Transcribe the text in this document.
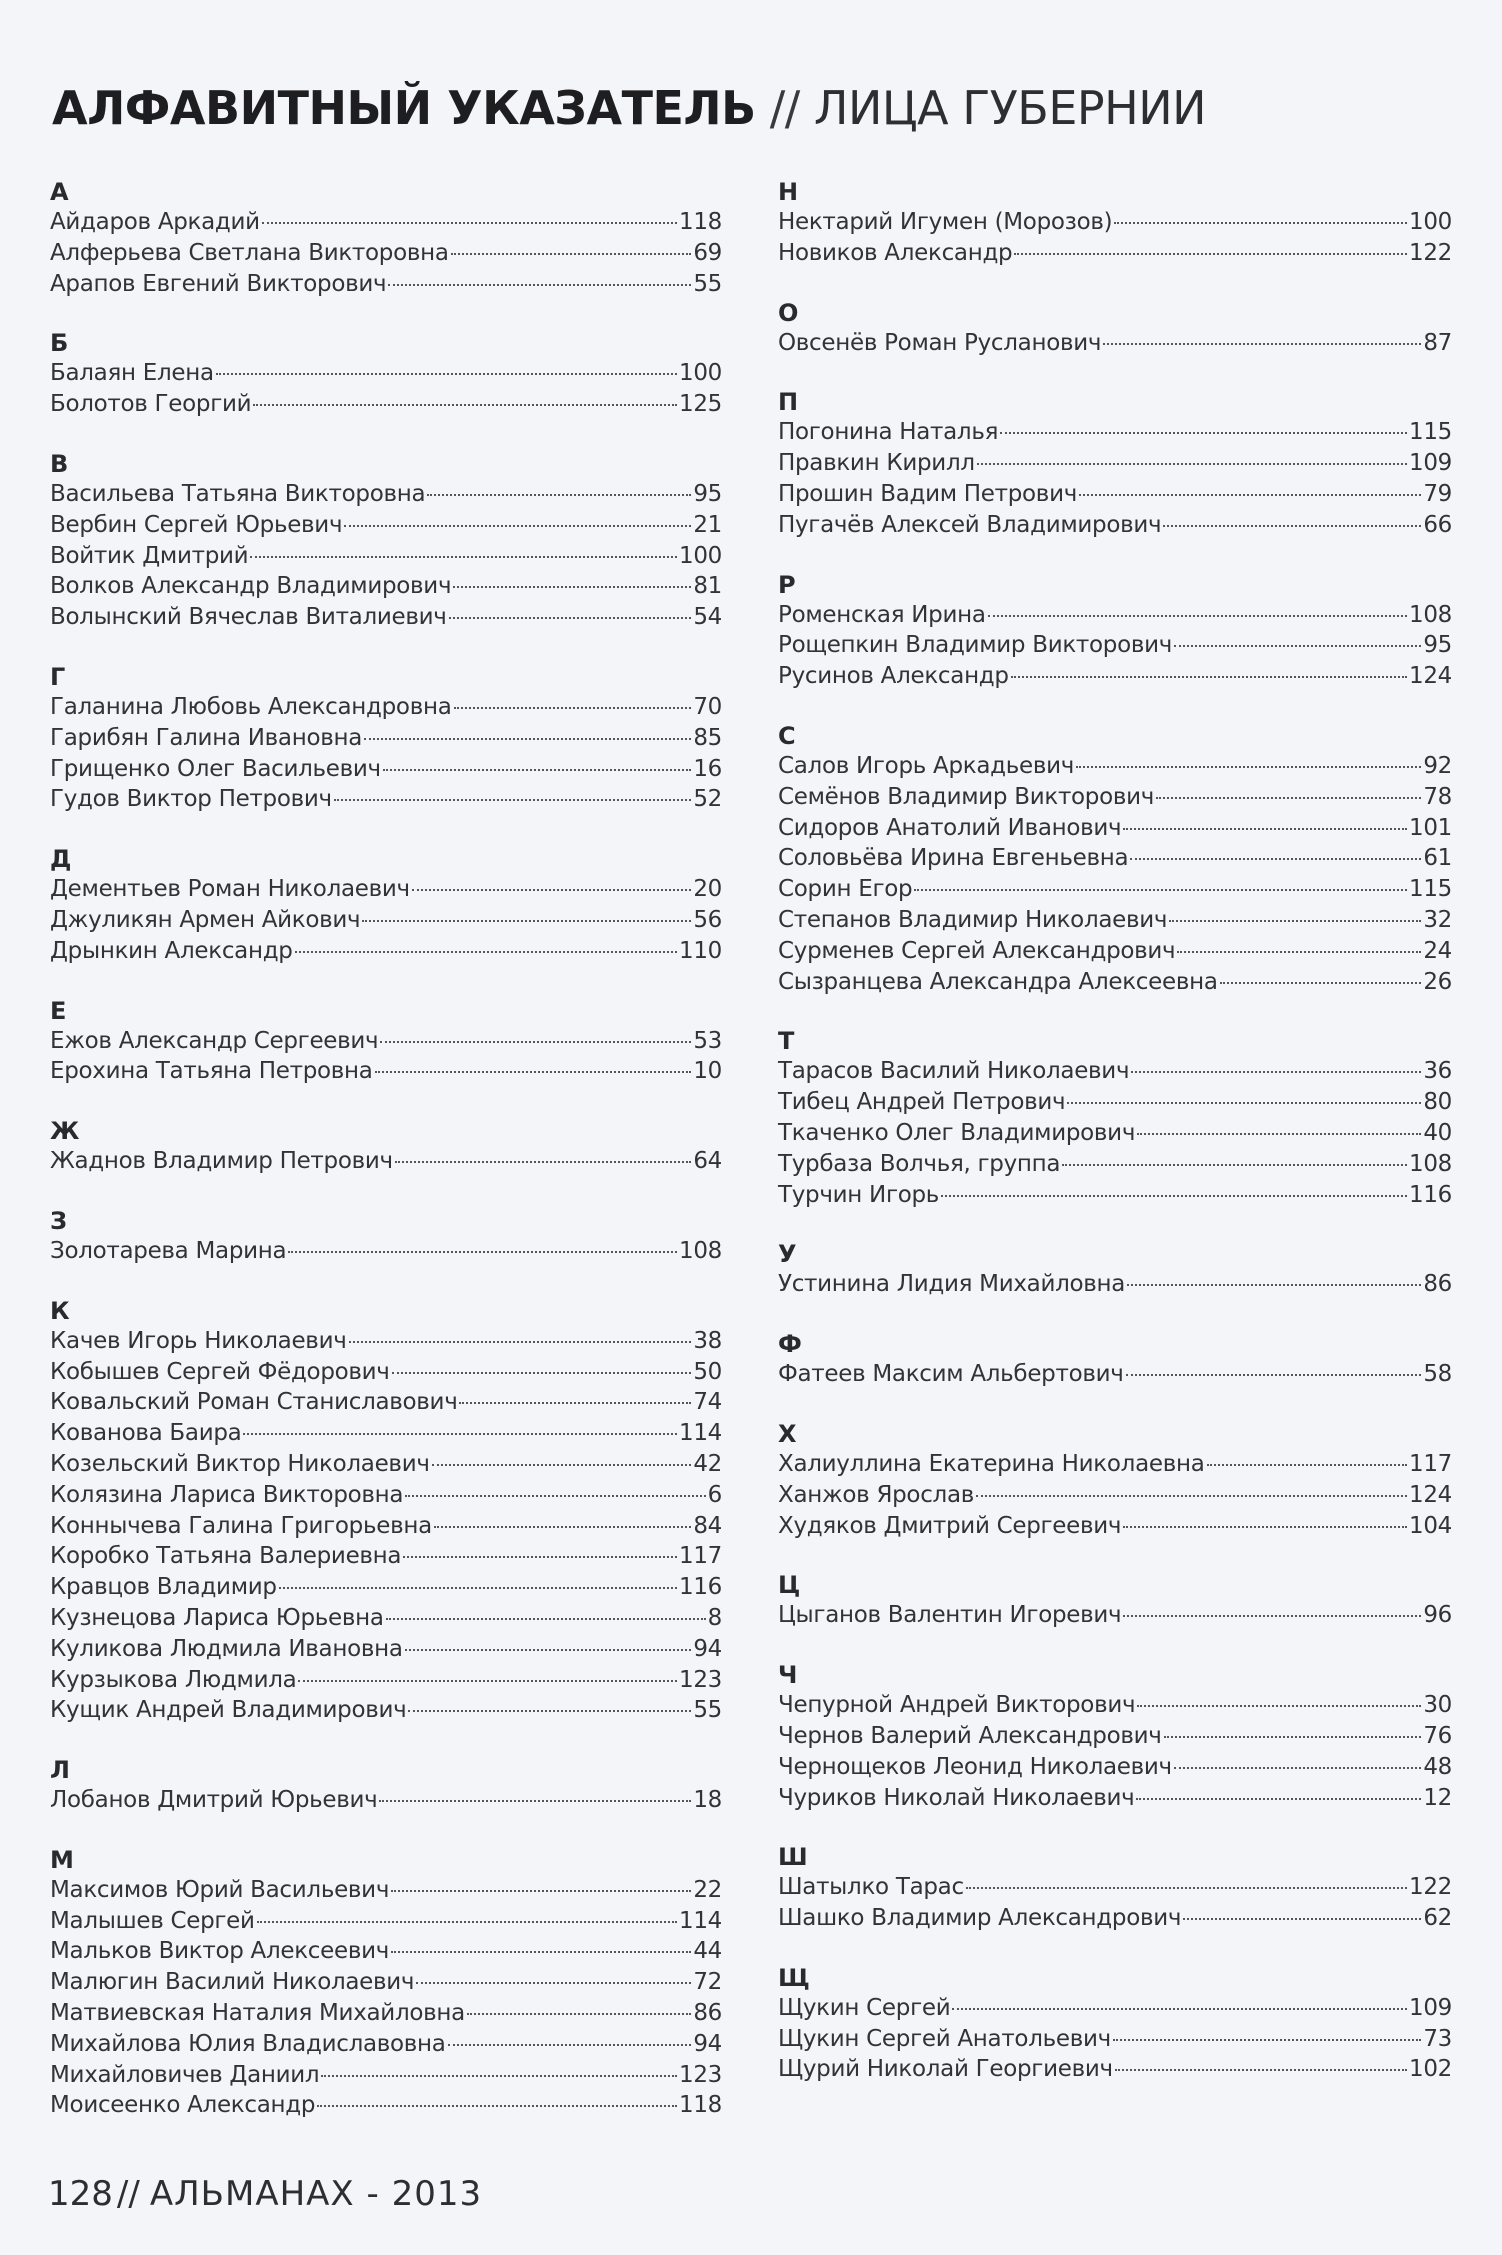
АЛФАВИТНЫЙ УКАЗАТЕЛЬ // ЛИЦА ГУБЕРНИИ
А
Айдаров Аркадий	118
Алферьева Светлана Викторовна	69
Арапов Евгений Викторович	55
Б
Балаян Елена	100
Болотов Георгий	125
В
Васильева Татьяна Викторовна	95
Вербин Сергей Юрьевич	21
Войтик Дмитрий	100
Волков Александр Владимирович	81
Волынский Вячеслав Виталиевич	54
Г
Галанина Любовь Александровна	70
Гарибян Галина Ивановна	85
Грищенко Олег Васильевич	16
Гудов Виктор Петрович	52
Д
Дементьев Роман Николаевич	20
Джуликян Армен Айкович	56
Дрынкин Александр	110
Е
Ежов Александр Сергеевич	53
Ерохина Татьяна Петровна	10
Ж
Жаднов Владимир Петрович	64
З
Золотарева Марина	108
К
Качев Игорь Николаевич	38
Кобышев Сергей Фёдорович	50
Ковальский Роман Станиславович	74
Кованова Баира	114
Козельский Виктор Николаевич	42
Колязина Лариса Викторовна	6
Коннычева Галина Григорьевна	84
Коробко Татьяна Валериевна	117
Кравцов Владимир	116
Кузнецова Лариса Юрьевна	8
Куликова Людмила Ивановна	94
Курзыкова Людмила	123
Кущик Андрей Владимирович	55
Л
Лобанов Дмитрий Юрьевич	18
М
Максимов Юрий Васильевич	22
Малышев Сергей	114
Мальков Виктор Алексеевич	44
Малюгин Василий Николаевич	72
Матвиевская Наталия Михайловна	86
Михайлова Юлия Владиславовна	94
Михайловичев Даниил	123
Моисеенко Александр	118
Н
Нектарий Игумен (Морозов)	100
Новиков Александр	122
О
Овсенёв Роман Русланович	87
П
Погонина Наталья	115
Правкин Кирилл	109
Прошин Вадим Петрович	79
Пугачёв Алексей Владимирович	66
Р
Роменская Ирина	108
Рощепкин Владимир Викторович	95
Русинов Александр	124
С
Салов Игорь Аркадьевич	92
Семёнов Владимир Викторович	78
Сидоров Анатолий Иванович	101
Соловьёва Ирина Евгеньевна	61
Сорин Егор	115
Степанов Владимир Николаевич	32
Сурменев Сергей Александрович	24
Сызранцева Александра Алексеевна	26
Т
Тарасов Василий Николаевич	36
Тибец Андрей Петрович	80
Ткаченко Олег Владимирович	40
Турбаза Волчья, группа	108
Турчин Игорь	116
У
Устинина Лидия Михайловна	86
Ф
Фатеев Максим Альбертович	58
Х
Халиуллина Екатерина Николаевна	117
Ханжов Ярослав	124
Худяков Дмитрий Сергеевич	104
Ц
Цыганов Валентин Игоревич	96
Ч
Чепурной Андрей Викторович	30
Чернов Валерий Александрович	76
Чернощеков Леонид Николаевич	48
Чуриков Николай Николаевич	12
Ш
Шатылко Тарас	122
Шашко Владимир Александрович	62
Щ
Щукин Сергей	109
Щукин Сергей Анатольевич	73
Щурий Николай Георгиевич	102
128 // АЛЬМАНАХ - 2013
